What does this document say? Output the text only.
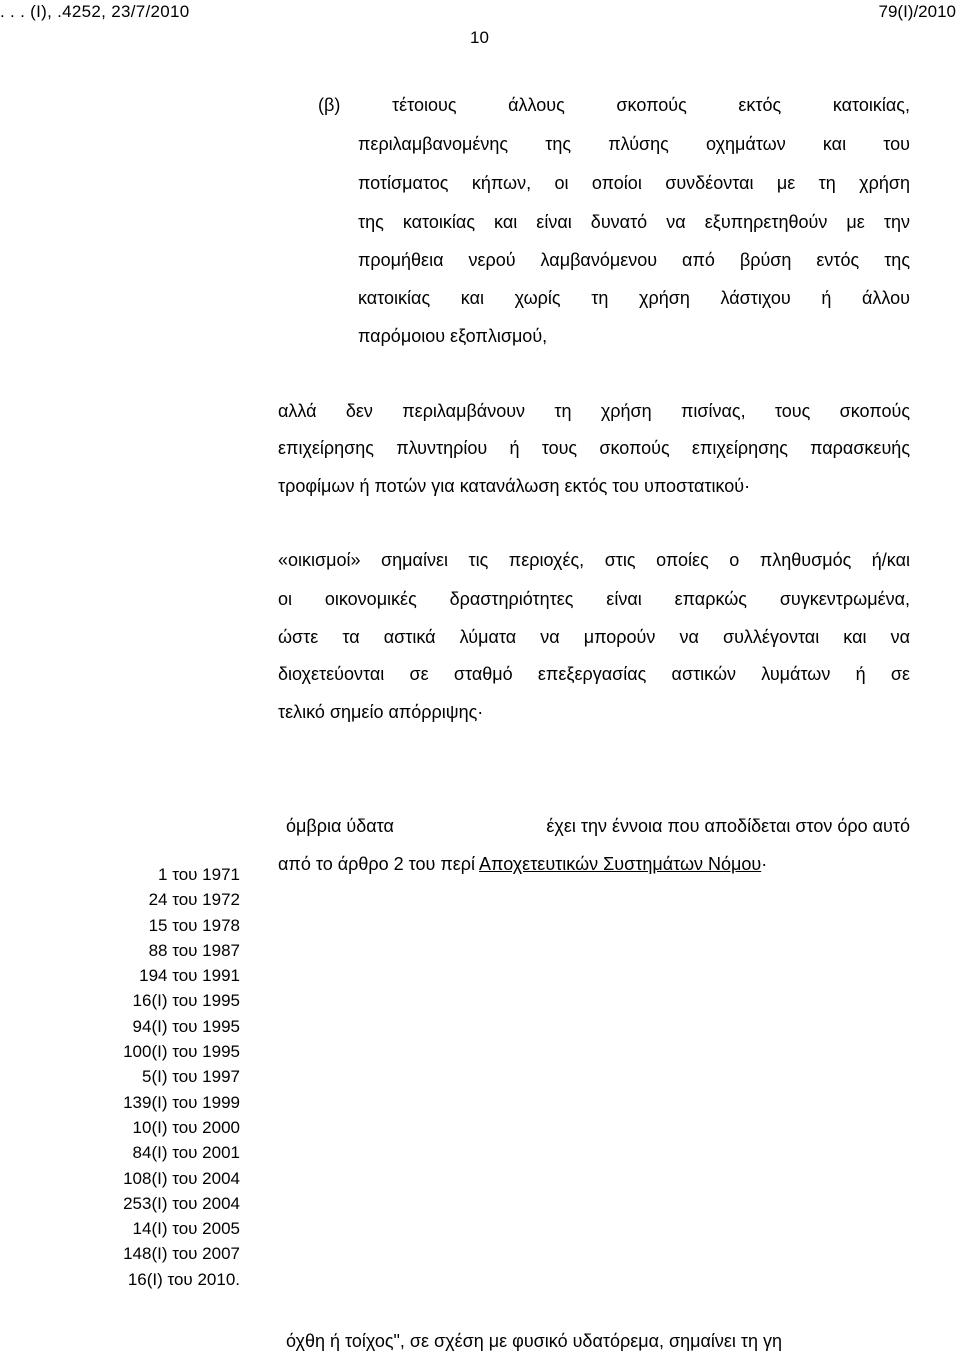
. . . (Ι), .4252, 23/7/2010	79(Ι)/2010
10
(β) τέτοιους άλλους σκοπούς εκτός κατοικίας,
περιλαμβανομένης της πλύσης οχημάτων και του
ποτίσματος κήπων, οι οποίοι συνδέονται με τη χρήση
της κατοικίας και είναι δυνατό να εξυπηρετηθούν με την
προμήθεια νερού λαμβανόμενου από βρύση εντός της
κατοικίας και χωρίς τη χρήση λάστιχου ή άλλου
παρόμοιου εξοπλισμού,
αλλά δεν περιλαμβάνουν τη χρήση πισίνας, τους σκοπούς
επιχείρησης πλυντηρίου ή τους σκοπούς επιχείρησης παρασκευής
τροφίμων ή ποτών για κατανάλωση εκτός του υποστατικού·
«οικισμοί» σημαίνει τις περιοχές, στις οποίες ο πληθυσμός ή/και
οι οικονομικές δραστηριότητες είναι επαρκώς συγκεντρωμένα,
ώστε τα αστικά λύματα να μπορούν να συλλέγονται και να
διοχετεύονται σε σταθμό επεξεργασίας αστικών λυμάτων ή σε
τελικό σημείο απόρριψης·
όμβρια ύδατα	έχει την έννοια που αποδίδεται στον όρο αυτό
από το άρθρο 2 του περί Αποχετευτικών Συστημάτων Νόμου·
1 του 1971
24 του 1972
15 του 1978
88 του 1987
194 του 1991
16(Ι) του 1995
94(Ι) του 1995
100(Ι) του 1995
5(Ι) του 1997
139(Ι) του 1999
10(Ι) του 2000
84(Ι) του 2001
108(Ι) του 2004
253(Ι) του 2004
14(Ι) του 2005
148(Ι) του 2007
16(Ι) του 2010.
όχθη ή τοίχος", σε σχέση με φυσικό υδατόρεμα, σημαίνει τη γη
